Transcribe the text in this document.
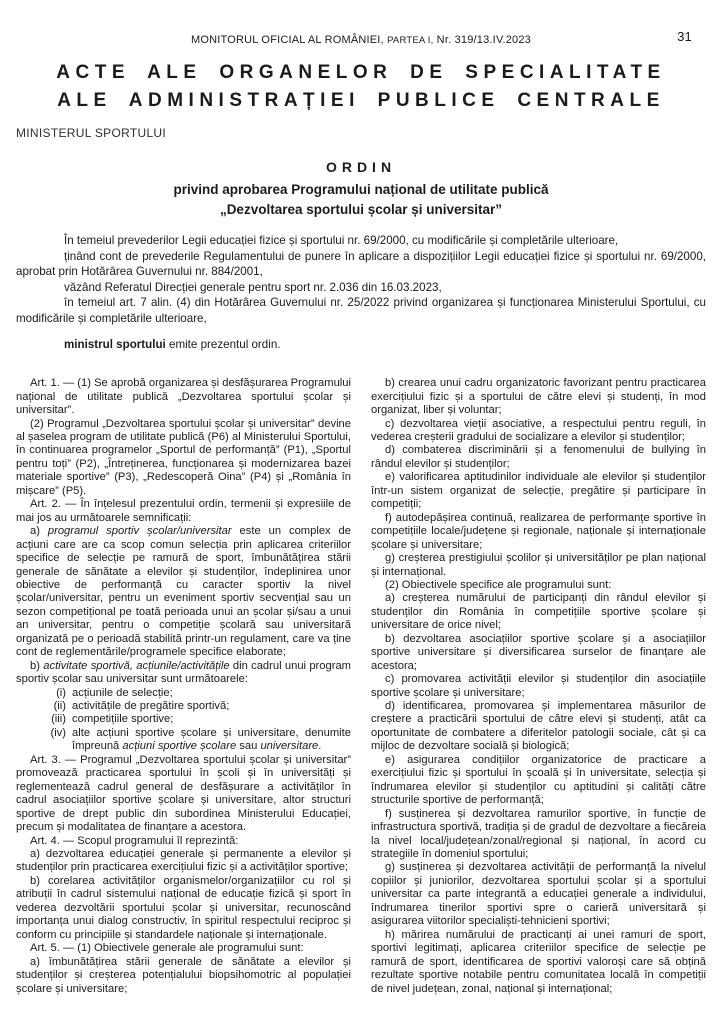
MONITORUL OFICIAL AL ROMÂNIEI, PARTEA I, Nr. 319/13.IV.2023	31
ACTE ALE ORGANELOR DE SPECIALITATE
ALE ADMINISTRAȚIEI PUBLICE CENTRALE
MINISTERUL SPORTULUI
ORDIN
privind aprobarea Programului național de utilitate publică
„Dezvoltarea sportului școlar și universitar”

În temeiul prevederilor Legii educației fizice și sportului nr. 69/2000, cu modificările și completările ulterioare,

ținând cont de prevederile Regulamentului de punere în aplicare a dispozițiilor Legii educației fizice și sportului nr. 69/2000, aprobat prin Hotărârea Guvernului nr. 884/2001,

văzând Referatul Direcției generale pentru sport nr. 2.036 din 16.03.2023,

în temeiul art. 7 alin. (4) din Hotărârea Guvernului nr. 25/2022 privind organizarea și funcționarea Ministerului Sportului, cu modificările și completările ulterioare,

ministrul sportului emite prezentul ordin.

Art. 1. — (1) Se aprobă organizarea și desfășurarea Programului național de utilitate publică „Dezvoltarea sportului școlar și universitar”.

(2) Programul „Dezvoltarea sportului școlar și universitar” devine al șaselea program de utilitate publică (P6) al Ministerului Sportului, în continuarea programelor „Sportul de performanță” (P1), „Sportul pentru toți” (P2), „Întreținerea, funcționarea și modernizarea bazei materiale sportive” (P3), „Redescoperă Oina” (P4) și „România în mișcare” (P5).

Art. 2. — În înțelesul prezentului ordin, termenii și expresiile de mai jos au următoarele semnificații:

a) programul sportiv școlar/universitar este un complex de acțiuni care are ca scop comun selecția prin aplicarea criteriilor specifice de selecție pe ramură de sport, îmbunătățirea stării generale de sănătate a elevilor și studenților, îndeplinirea unor obiective de performanță cu caracter sportiv la nivel școlar/universitar, pentru un eveniment sportiv secvențial sau un sezon competițional pe toată perioada unui an școlar și/sau a unui an universitar, pentru o competiție școlară sau universitară organizată pe o perioadă stabilită printr-un regulament, care va ține cont de reglementările/programele specifice elaborate;

b) activitate sportivă, acțiunile/activitățile din cadrul unui program sportiv școlar sau universitar sunt următoarele:

(i) acțiunile de selecție;

(ii) activitățile de pregătire sportivă;

(iii) competițiile sportive;

(iv) alte acțiuni sportive școlare și universitare, denumite împreună acțiuni sportive școlare sau universitare.

Art. 3. — Programul „Dezvoltarea sportului școlar și universitar” promovează practicarea sportului în școli și în universități și reglementează cadrul general de desfășurare a activităților în cadrul asociațiilor sportive școlare și universitare, altor structuri sportive de drept public din subordinea Ministerului Educației, precum și modalitatea de finanțare a acestora.

Art. 4. — Scopul programului îl reprezintă:

a) dezvoltarea educației generale și permanente a elevilor și studenților prin practicarea exercițiului fizic și a activităților sportive;

b) corelarea activităților organismelor/organizațiilor cu rol și atribuții în cadrul sistemului național de educație fizică și sport în vederea dezvoltării sportului școlar și universitar, recunoscând importanța unui dialog constructiv, în spiritul respectului reciproc și conform cu principiile și standardele naționale și internaționale.

Art. 5. — (1) Obiectivele generale ale programului sunt:

a) îmbunătățirea stării generale de sănătate a elevilor și studenților și creșterea potențialului biopsihomotric al populației școlare și universitare;

b) crearea unui cadru organizatoric favorizant pentru practicarea exercițiului fizic și a sportului de către elevi și studenți, în mod organizat, liber și voluntar;

c) dezvoltarea vieții asociative, a respectului pentru reguli, în vederea creșterii gradului de socializare a elevilor și studenților;

d) combaterea discriminării și a fenomenului de bullying în rândul elevilor și studenților;

e) valorificarea aptitudinilor individuale ale elevilor și studenților într-un sistem organizat de selecție, pregătire și participare în competiții;

f) autodepășirea continuă, realizarea de performanțe sportive în competițiile locale/județene și regionale, naționale și internaționale școlare și universitare;

g) creșterea prestigiului școlilor și universităților pe plan național și internațional.

(2) Obiectivele specifice ale programului sunt:

a) creșterea numărului de participanți din rândul elevilor și studenților din România în competițiile sportive școlare și universitare de orice nivel;

b) dezvoltarea asociațiilor sportive școlare și a asociațiilor sportive universitare și diversificarea surselor de finanțare ale acestora;

c) promovarea activității elevilor și studenților din asociațiile sportive școlare și universitare;

d) identificarea, promovarea și implementarea măsurilor de creștere a practicării sportului de către elevi și studenți, atât ca oportunitate de combatere a diferitelor patologii sociale, cât și ca mijloc de dezvoltare socială și biologică;

e) asigurarea condițiilor organizatorice de practicare a exercițiului fizic și sportului în școală și în universitate, selecția și îndrumarea elevilor și studenților cu aptitudini și calități către structurile sportive de performanță;

f) susținerea și dezvoltarea ramurilor sportive, în funcție de infrastructura sportivă, tradiția și de gradul de dezvoltare a fiecăreia la nivel local/județean/zonal/regional și național, în acord cu strategiile în domeniul sportului;

g) susținerea și dezvoltarea activității de performanță la nivelul copiilor și juniorilor, dezvoltarea sportului școlar și a sportului universitar ca parte integrantă a educației generale a individului, îndrumarea tinerilor sportivi spre o carieră universitară și asigurarea viitorilor specialiști-tehnicieni sportivi;

h) mărirea numărului de practicanți ai unei ramuri de sport, sportivi legitimați, aplicarea criteriilor specifice de selecție pe ramură de sport, identificarea de sportivi valoroși care să obțină rezultate sportive notabile pentru comunitatea locală în competiții de nivel județean, zonal, național și internațional;
